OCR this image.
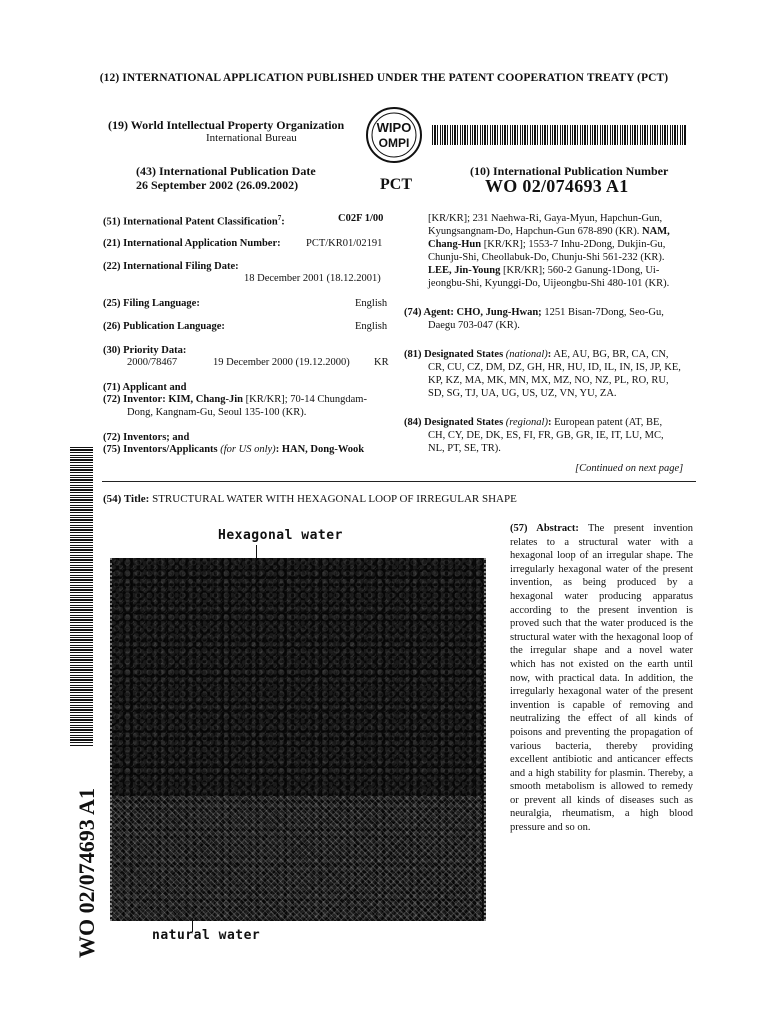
(12) INTERNATIONAL APPLICATION PUBLISHED UNDER THE PATENT COOPERATION TREATY (PCT)
(19) World Intellectual Property Organization
International Bureau
WIPO
OMPI
(43) International Publication Date
26 September 2002 (26.09.2002)	PCT
(10) International Publication Number
WO 02/074693 A1
(51) International Patent Classification$^7$:	C02F 1/00
(21) International Application Number: PCT/KR01/02191
(22) International Filing Date:
18 December 2001 (18.12.2001)
(25) Filing Language:	English
(26) Publication Language:	English
(30) Priority Data:
2000/78467	19 December 2000 (19.12.2000) KR
(71) Applicant and
(72) Inventor: KIM, Chang-Jin [KR/KR]; 70-14 Chungdam-
Dong, Kangnam-Gu, Seoul 135-100 (KR).
(72) Inventors; and
(75) Inventors/Applicants (for US only): HAN, Dong-Wook
[KR/KR]; 231 Naehwa-Ri, Gaya-Myun, Hapchun-Gun,
Kyungsangnam-Do, Hapchun-Gun 678-890 (KR). NAM,
Chang-Hun [KR/KR]; 1553-7 Inhu-2Dong, Dukjin-Gu,
Chunju-Shi, Cheollabuk-Do, Chunju-Shi 561-232 (KR).
LEE, Jin-Young [KR/KR]; 560-2 Ganung-1Dong, Ui-
jeongbu-Shi, Kyunggi-Do, Uijeongbu-Shi 480-101 (KR).
(74) Agent: CHO, Jung-Hwan; 1251 Bisan-7Dong, Seo-Gu,
Daegu 703-047 (KR).
(81) Designated States (national): AE, AU, BG, BR, CA, CN,
CR, CU, CZ, DM, DZ, GH, HR, HU, ID, IL, IN, IS, JP, KE,
KP, KZ, MA, MK, MN, MX, MZ, NO, NZ, PL, RO, RU,
SD, SG, TJ, UA, UG, US, UZ, VN, YU, ZA.
(84) Designated States (regional): European patent (AT, BE,
CH, CY, DE, DK, ES, FI, FR, GB, GR, IE, IT, LU, MC,
NL, PT, SE, TR).
[Continued on next page]
WO 02/074693 A1
(54) Title: STRUCTURAL WATER WITH HEXAGONAL LOOP OF IRREGULAR SHAPE
Hexagonal water
natural water
(57) Abstract: The present invention relates to a structural water with a hexagonal loop of an irregular shape. The irregularly hexagonal water of the present invention, as being produced by a hexagonal water producing apparatus according to the present invention is proved such that the water produced is the structural water with the hexagonal loop of the irregular shape and a novel water which has not existed on the earth until now, with practical data. In addition, the irregularly hexagonal water of the present invention is capable of removing and neutralizing the effect of all kinds of poisons and preventing the propagation of various bacteria, thereby providing excellent antibiotic and anticancer effects and a high stability for plasmin. Thereby, a smooth metabolism is allowed to remedy or prevent all kinds of diseases such as neuralgia, rheumatism, a high blood pressure and so on.
